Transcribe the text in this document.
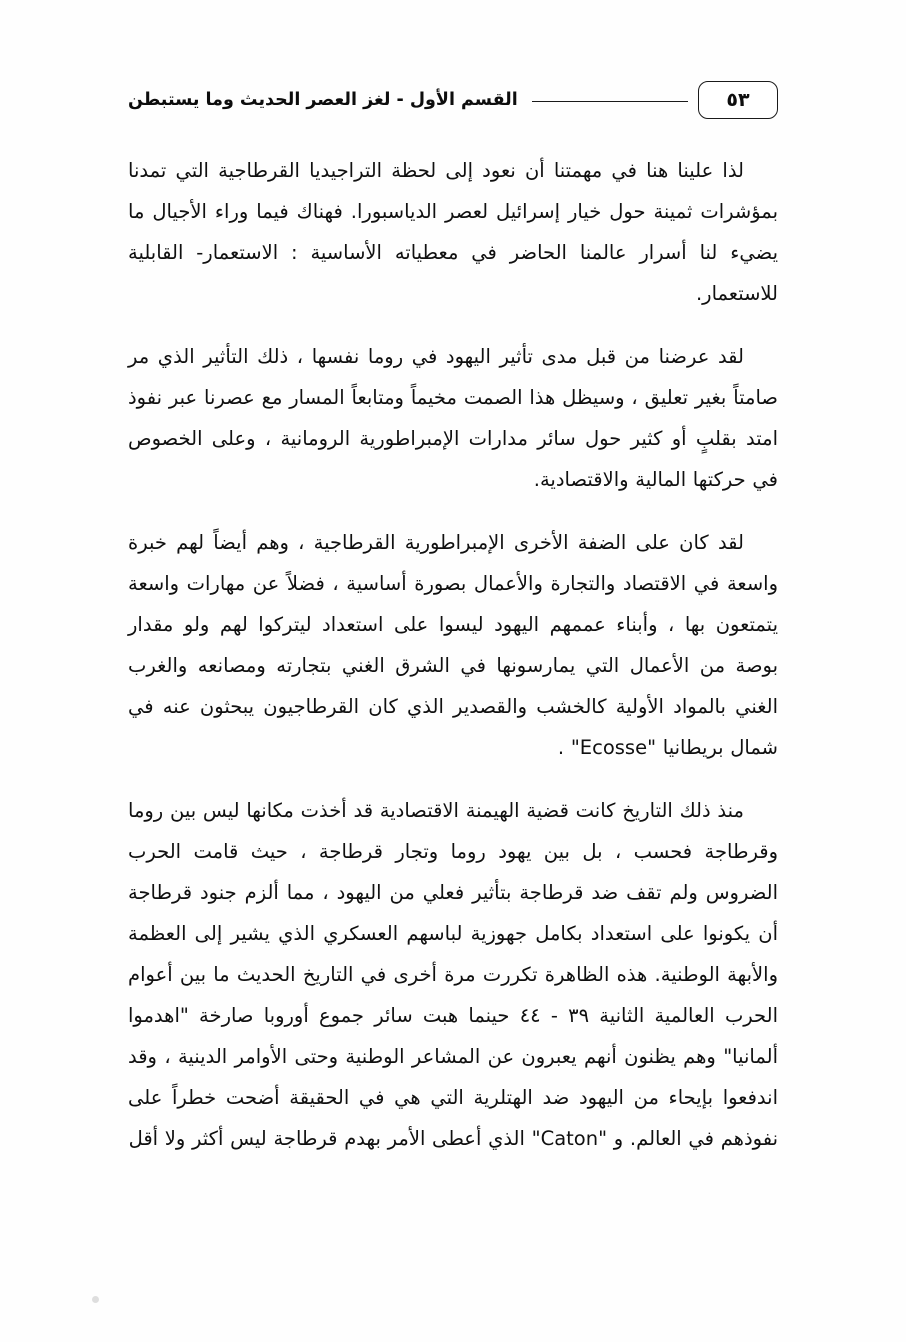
٥٣
القسم الأول - لغز العصر الحديث وما يستبطن

لذا علينا هنا في مهمتنا أن نعود إلى لحظة التراجيديا القرطاجية التي تمدنا بمؤشرات ثمينة حول خيار إسرائيل لعصر الدياسبورا. فهناك فيما وراء الأجيال ما يضيء لنا أسرار عالمنا الحاضر في معطياته الأساسية : الاستعمار- القابلية للاستعمار.

لقد عرضنا من قبل مدى تأثير اليهود في روما نفسها ، ذلك التأثير الذي مر صامتاً بغير تعليق ، وسيظل هذا الصمت مخيماً ومتابعاً المسار مع عصرنا عبر نفوذ امتد بقلبٍ أو كثير حول سائر مدارات الإمبراطورية الرومانية ، وعلى الخصوص في حركتها المالية والاقتصادية.

لقد كان على الضفة الأخرى الإمبراطورية القرطاجية ، وهم أيضاً لهم خبرة واسعة في الاقتصاد والتجارة والأعمال بصورة أساسية ، فضلاً عن مهارات واسعة يتمتعون بها ، وأبناء عممهم اليهود ليسوا على استعداد ليتركوا لهم ولو مقدار بوصة من الأعمال التي يمارسونها في الشرق الغني بتجارته ومصانعه والغرب الغني بالمواد الأولية كالخشب والقصدير الذي كان القرطاجيون يبحثون عنه في شمال بريطانيا "Ecosse" .

منذ ذلك التاريخ كانت قضية الهيمنة الاقتصادية قد أخذت مكانها ليس بين روما وقرطاجة فحسب ، بل بين يهود روما وتجار قرطاجة ، حيث قامت الحرب الضروس ولم تقف ضد قرطاجة بتأثير فعلي من اليهود ، مما ألزم جنود قرطاجة أن يكونوا على استعداد بكامل جهوزية لباسهم العسكري الذي يشير إلى العظمة والأبهة الوطنية. هذه الظاهرة تكررت مرة أخرى في التاريخ الحديث ما بين أعوام الحرب العالمية الثانية ٣٩ - ٤٤ حينما هبت سائر جموع أوروبا صارخة "اهدموا ألمانيا" وهم يظنون أنهم يعبرون عن المشاعر الوطنية وحتى الأوامر الدينية ، وقد اندفعوا بإيحاء من اليهود ضد الهتلرية التي هي في الحقيقة أضحت خطراً على نفوذهم في العالم. و "Caton" الذي أعطى الأمر بهدم قرطاجة ليس أكثر ولا أقل
